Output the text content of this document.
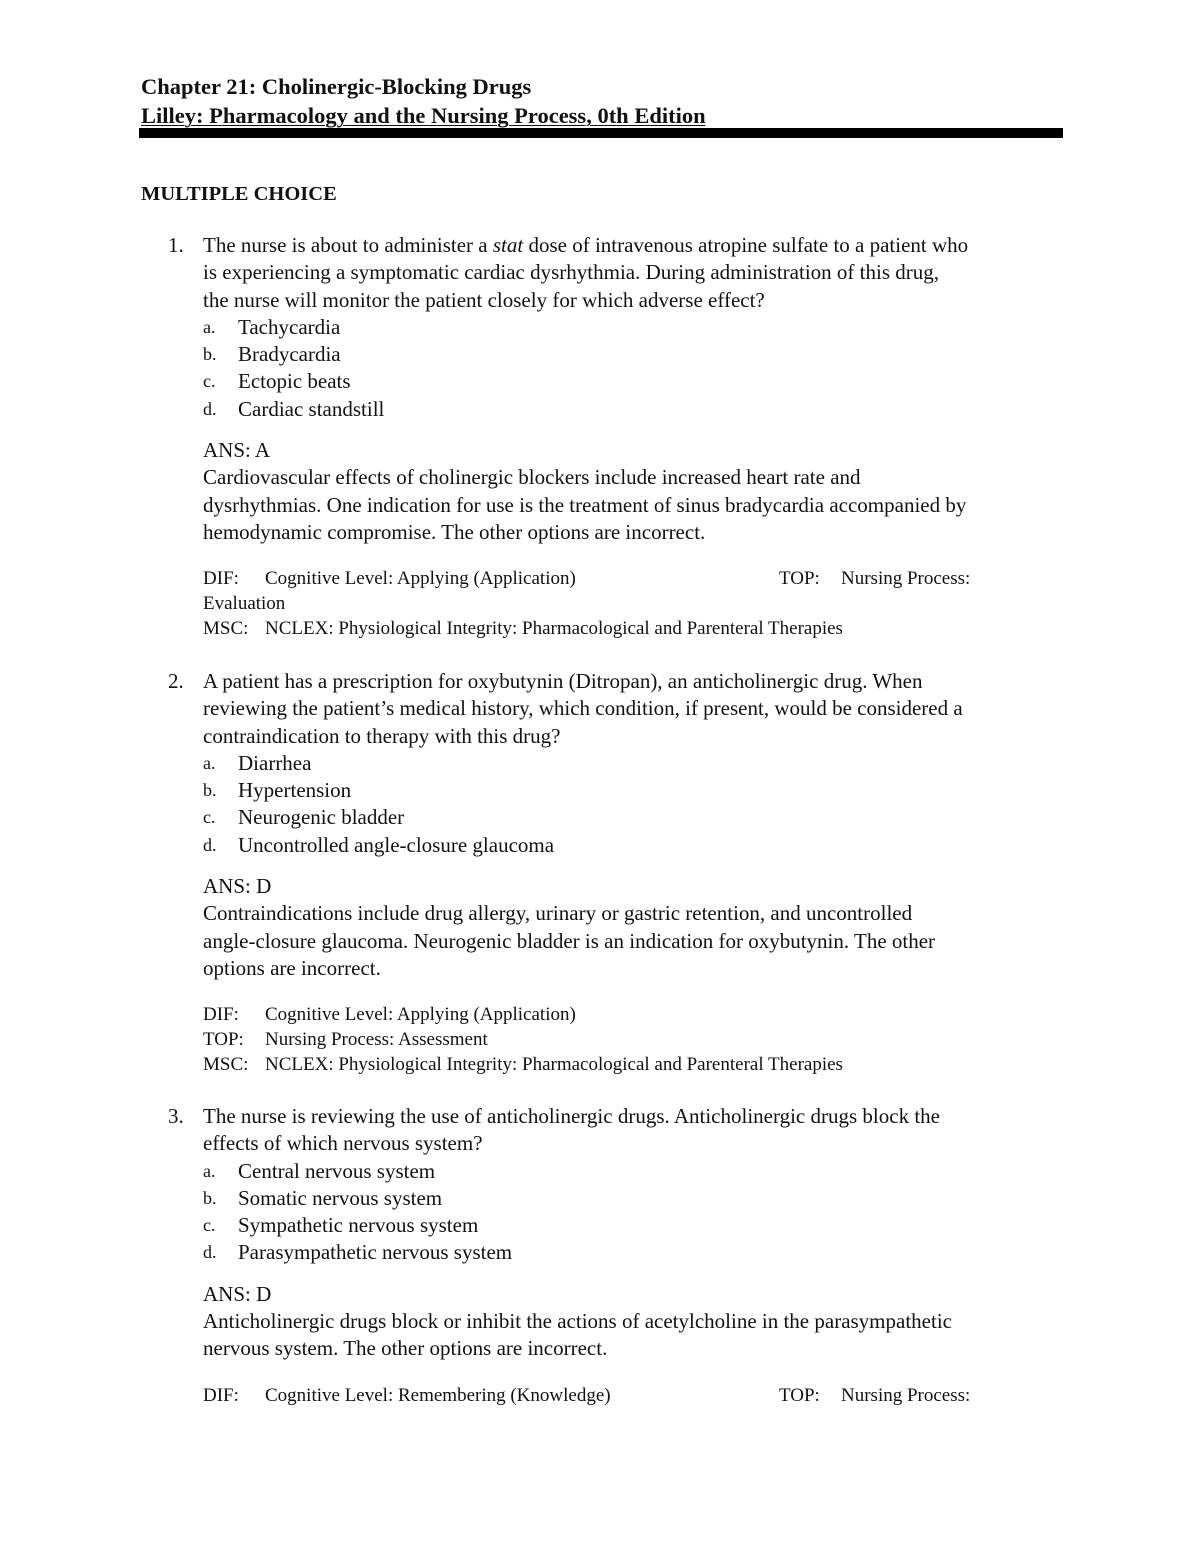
Chapter 21: Cholinergic-Blocking Drugs
Lilley: Pharmacology and the Nursing Process, 0th Edition
MULTIPLE CHOICE
1. The nurse is about to administer a stat dose of intravenous atropine sulfate to a patient who
is experiencing a symptomatic cardiac dysrhythmia. During administration of this drug,
the nurse will monitor the patient closely for which adverse effect?
a.	Tachycardia
b.	Bradycardia
c.	Ectopic beats
d.	Cardiac standstill
ANS: A
Cardiovascular effects of cholinergic blockers include increased heart rate and
dysrhythmias. One indication for use is the treatment of sinus bradycardia accompanied by
hemodynamic compromise. The other options are incorrect.
DIF: Cognitive Level: Applying (Application)	TOP: Nursing Process:
Evaluation
MSC: NCLEX: Physiological Integrity: Pharmacological and Parenteral Therapies
2. A patient has a prescription for oxybutynin (Ditropan), an anticholinergic drug. When
reviewing the patient’s medical history, which condition, if present, would be considered a
contraindication to therapy with this drug?
a.	Diarrhea
b.	Hypertension
c.	Neurogenic bladder
d.	Uncontrolled angle-closure glaucoma
ANS: D
Contraindications include drug allergy, urinary or gastric retention, and uncontrolled
angle-closure glaucoma. Neurogenic bladder is an indication for oxybutynin. The other
options are incorrect.
DIF: Cognitive Level: Applying (Application)
TOP: Nursing Process: Assessment
MSC: NCLEX: Physiological Integrity: Pharmacological and Parenteral Therapies
3. The nurse is reviewing the use of anticholinergic drugs. Anticholinergic drugs block the
effects of which nervous system?
a.	Central nervous system
b.	Somatic nervous system
c.	Sympathetic nervous system
d.	Parasympathetic nervous system
ANS: D
Anticholinergic drugs block or inhibit the actions of acetylcholine in the parasympathetic
nervous system. The other options are incorrect.
DIF: Cognitive Level: Remembering (Knowledge)	TOP: Nursing Process:
